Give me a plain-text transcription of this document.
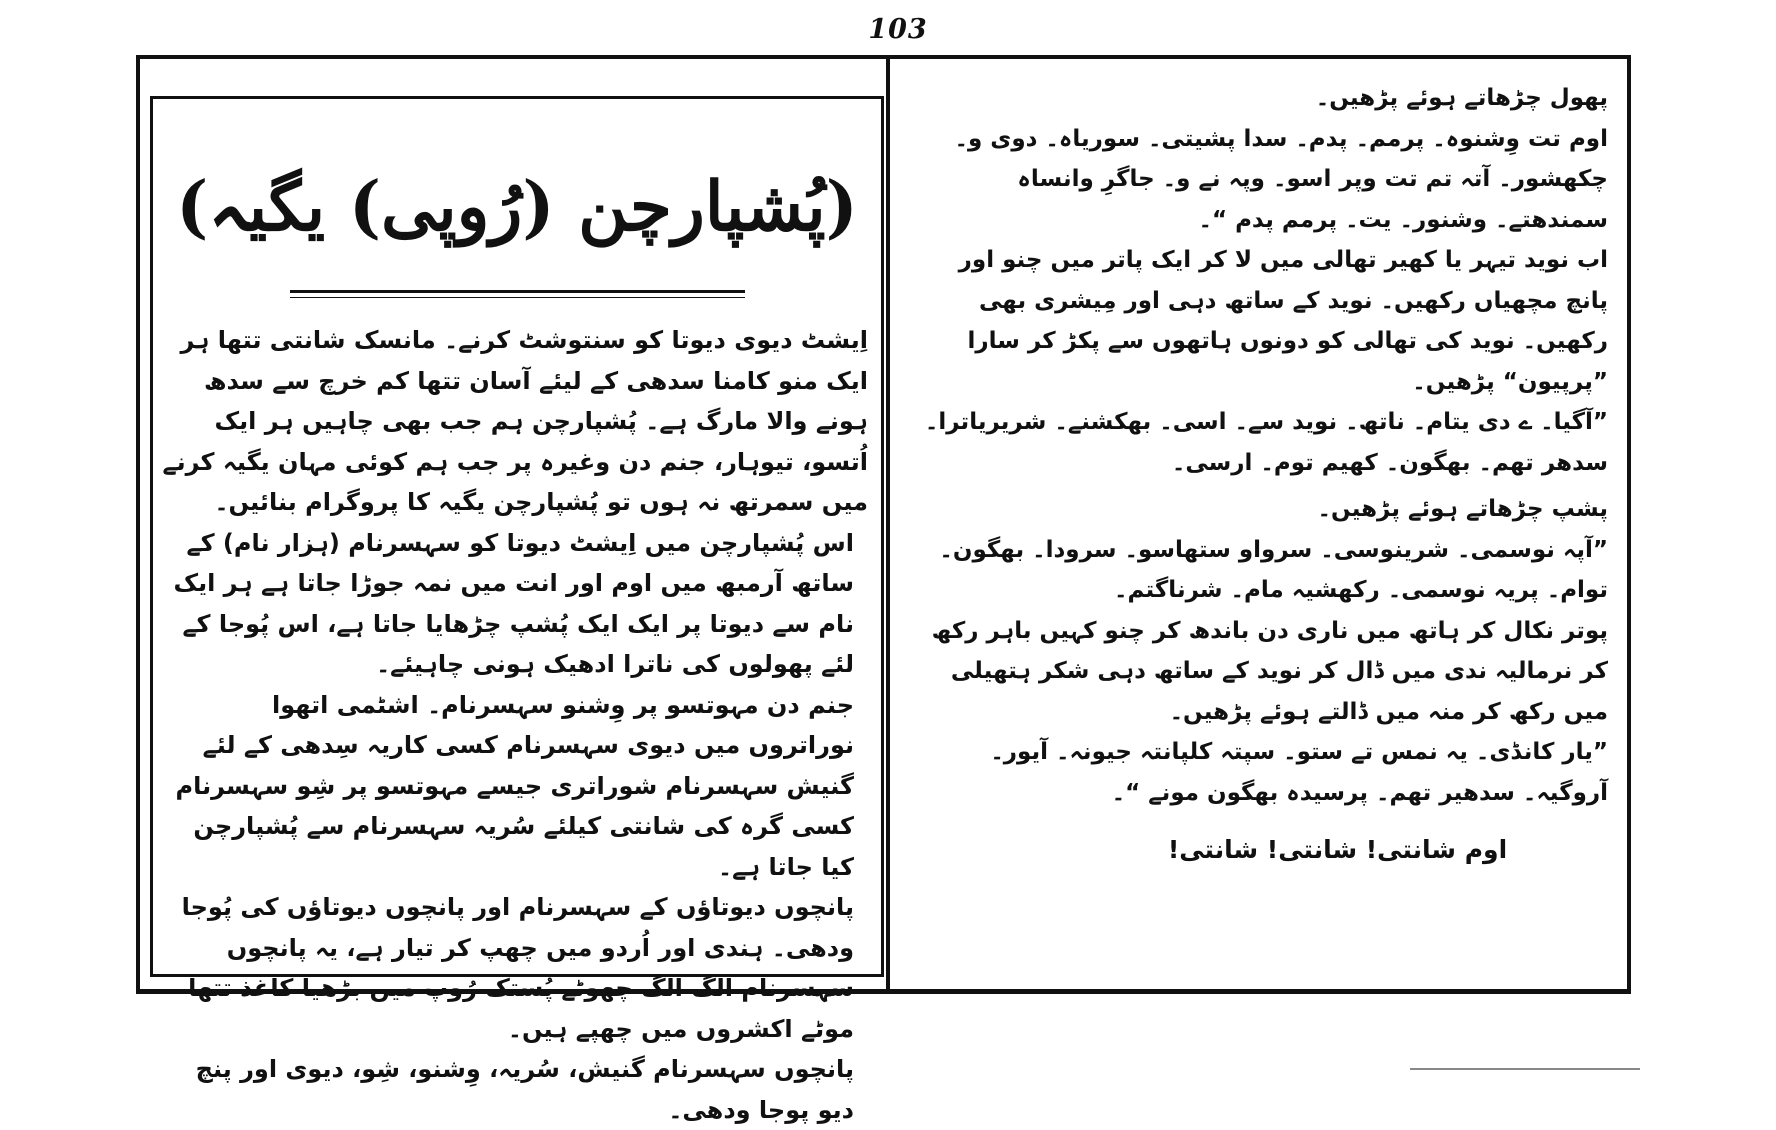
103
(پُشپارچن (رُوپی) یگیہ)

اِیشٹ دیوی دیوتا کو سنتوشٹ کرنے۔ مانسک شانتی تتھا ہر ایک منو کامنا سدھی کے لیئے آسان تتھا کم خرچ سے سدھ ہونے والا مارگ ہے۔ پُشپارچن ہم جب بھی چاہیں ہر ایک اُتسو، تیوہار، جنم دن وغیرہ پر جب ہم کوئی مہان یگیہ کرنے میں سمرتھ نہ ہوں تو پُشپارچن یگیہ کا پروگرام بنائیں۔

اس پُشپارچن میں اِیشٹ دیوتا کو سہسرنام (ہزار نام) کے ساتھ آرمبھ میں اوم اور انت میں نمہ جوڑا جاتا ہے ہر ایک نام سے دیوتا پر ایک ایک پُشپ چڑھایا جاتا ہے، اس پُوجا کے لئے پھولوں کی ناترا ادھیک ہونی چاہیئے۔

جنم دن مہوتسو پر وِشنو سہسرنام۔ اشٹمی اتھوا نوراتروں میں دیوی سہسرنام کسی کاریہ سِدھی کے لئے گنیش سہسرنام شوراتری جیسے مہوتسو پر شِو سہسرنام کسی گرہ کی شانتی کیلئے سُریہ سہسرنام سے پُشپارچن کیا جاتا ہے۔

پانچوں دیوتاؤں کے سہسرنام اور پانچوں دیوتاؤں کی پُوجا ودھی۔ ہندی اور اُردو میں چھپ کر تیار ہے، یہ پانچوں سہسرنام الگ الگ چھوٹے پُستک رُوپ میں بڑھیا کاغذ تتھا موٹے اکشروں میں چھپے ہیں۔

پانچوں سہسرنام گنیش، سُریہ، وِشنو، شِو، دیوی اور پنچ دیو پوجا ودھی۔

پھول چڑھاتے ہوئے پڑھیں۔

اوم تت وِشنوہ۔ پرمم۔ پدم۔ سدا پشیتی۔ سوریاہ۔ دوی و۔ چکھشور۔ آتہ تم تت وپر اسو۔ وپہ نے و۔ جاگرِ وانساہ سمندھتے۔ وشنور۔ یت۔ پرمم پدم “۔

اب نوید تیہر یا کھیر تھالی میں لا کر ایک پاتر میں چنو اور پانچ مچھیاں رکھیں۔ نوید کے ساتھ دہی اور مِیشری بھی رکھیں۔ نوید کی تھالی کو دونوں ہاتھوں سے پکڑ کر سارا ”پرپیون“ پڑھیں۔

”آگیا۔ ے دی یتام۔ ناتھ۔ نوید سے۔ اسی۔ بھکشنے۔ شریریاترا۔ سدھر تھم۔ بھگون۔ کھیم توم۔ ارسی۔

پشپ چڑھاتے ہوئے پڑھیں۔

”آپہ نوسمی۔ شرینوسی۔ سرواو ستھاسو۔ سرودا۔ بھگون۔ توام۔ پریہ نوسمی۔ رکھشیہ مام۔ شرناگتم۔

پوتر نکال کر ہاتھ میں ناری دن باندھ کر چنو کہیں باہر رکھ کر نرمالیہ ندی میں ڈال کر نوید کے ساتھ دہی شکر ہتھیلی میں رکھ کر منہ میں ڈالتے ہوئے پڑھیں۔

”یار کانڈی۔ یہ نمس تے ستو۔ سپتہ کلپانتہ جیونہ۔ آیور۔ آروگیہ۔ سدھیر تھم۔ پرسیدہ بھگون مونے “۔

اوم شانتی! شانتی! شانتی!
